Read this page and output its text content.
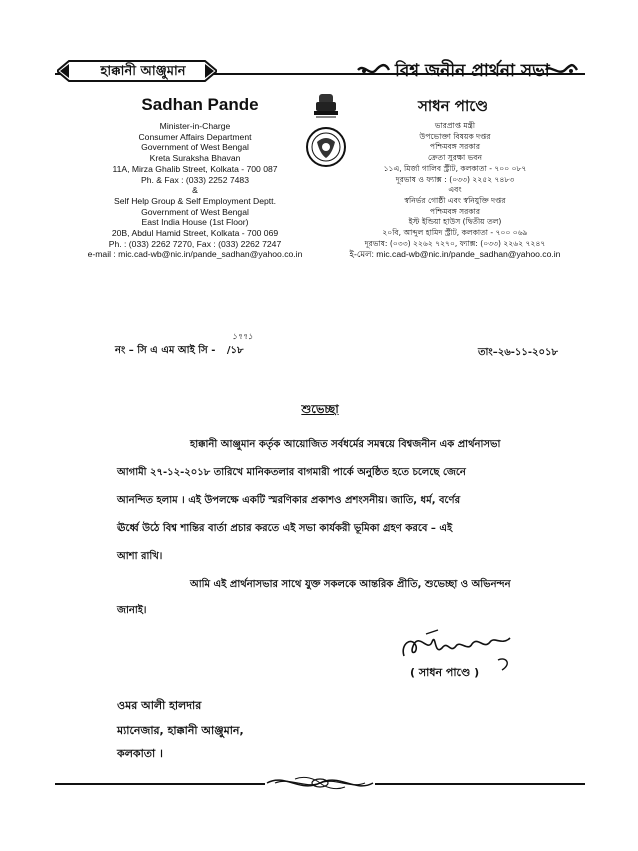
হাক্কানী আঞ্জুমান	বিশ্ব জনীন প্রার্থনা সভা
Sadhan Pande
Minister-in-Charge
Consumer Affairs Department
Government of West Bengal
Kreta Suraksha Bhavan
11A, Mirza Ghalib Street, Kolkata - 700 087
Ph. & Fax : (033) 2252 7483
&
Self Help Group & Self Employment Deptt.
Government of West Bengal
East India House (1st Floor)
20B, Abdul Hamid Street, Kolkata - 700 069
Ph. : (033) 2262 7270, Fax : (033) 2262 7247
e-mail : mic.cad-wb@nic.in/pande_sadhan@yahoo.co.in
সাধন পাণ্ডে
ভারপ্রাপ্ত মন্ত্রী
উপভোক্তা বিষয়ক দপ্তর
পশ্চিমবঙ্গ সরকার
ক্রেতা সুরক্ষা ভবন
১১এ, মির্জা গালিব স্ট্রীট, কলকাতা - ৭০০ ০৮৭
দূরভাষ ও ফ্যাক্স : (০৩৩) ২২৫২ ৭৪৮৩
এবং
স্বনির্ভর গোষ্ঠী এবং স্বনিযুক্তি দপ্তর
পশ্চিমবঙ্গ সরকার
ইস্ট ইন্ডিয়া হাউস (দ্বিতীয় তল)
২০বি, আব্দুল হামিদ স্ট্রীট, কলকাতা - ৭০০ ০৬৯
দূরভাষ: (০৩৩) ২২৬২ ৭২৭০, ফ্যাক্স: (০৩৩) ২২৬২ ৭২৪৭
ই-মেল: mic.cad-wb@nic.in/pande_sadhan@yahoo.co.in
নং – সি এ এম আই সি - /১৮
১৭৭১
তাং–২৬-১১-২০১৮
শুভেচ্ছা
হাক্কানী আঞ্জুমান কর্তৃক আয়োজিত সর্বধর্মের সমন্বয়ে বিশ্বজনীন এক প্রার্থনাসভা
আগামী ২৭-১২-২০১৮ তারিখে মানিকতলার বাগমারী পার্কে অনুষ্ঠিত হতে চলেছে জেনে
আনন্দিত হলাম । এই উপলক্ষে একটি স্মরণিকার প্রকাশও প্রশংসনীয়। জাতি, ধর্ম, বর্ণের
ঊর্ধ্বে উঠে বিশ্ব শান্তির বার্তা প্রচার করতে এই সভা কার্যকরী ভূমিকা গ্রহণ করবে – এই
আশা রাখি।
আমি এই প্রার্থনাসভার সাথে যুক্ত সকলকে আন্তরিক প্রীতি, শুভেচ্ছা ও অভিনন্দন
জানাই।
( সাধন পাণ্ডে )
ওমর আলী হালদার
ম্যানেজার, হাক্কানী আঞ্জুমান,
কলকাতা ।
